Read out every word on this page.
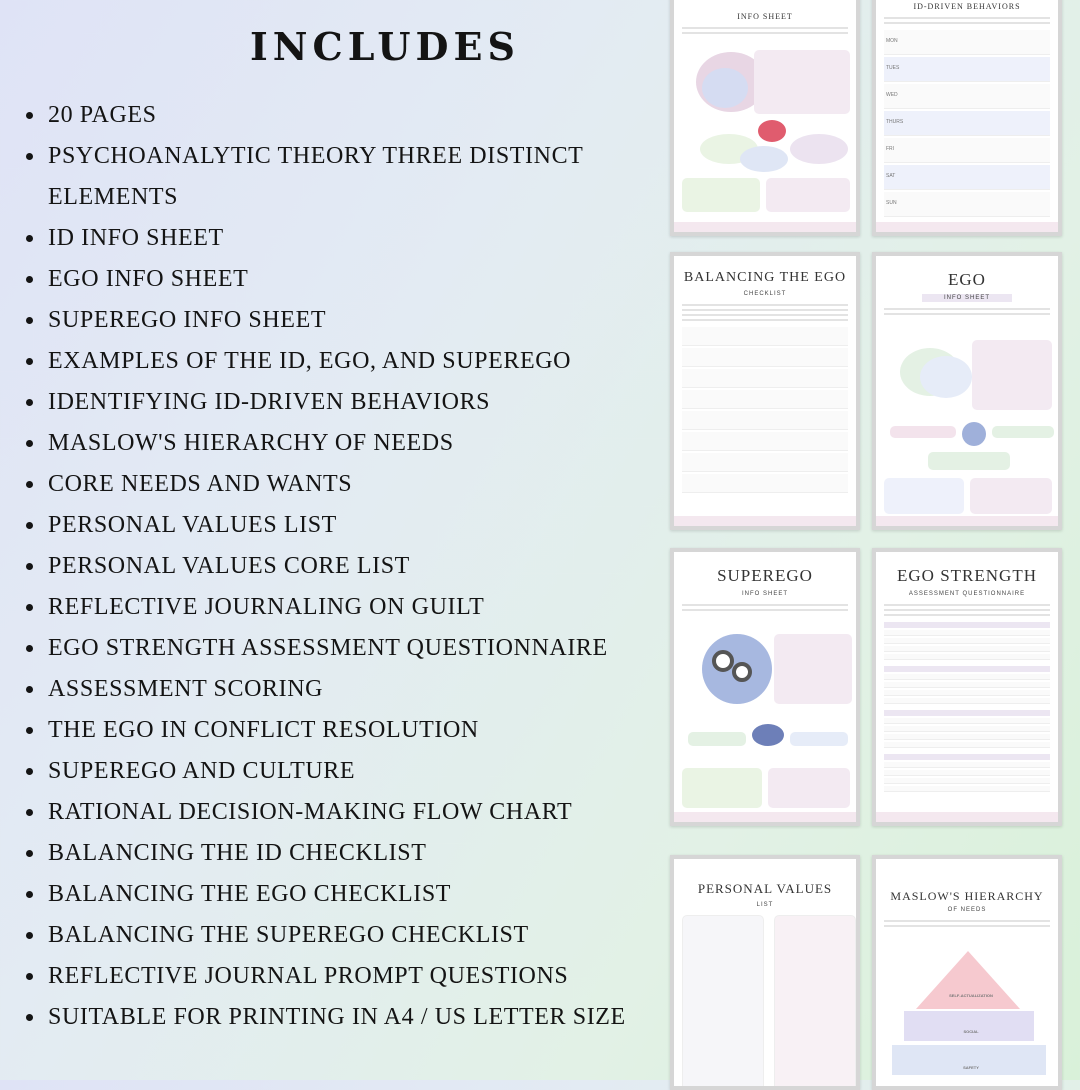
INCLUDES
20 PAGES
PSYCHOANALYTIC THEORY THREE DISTINCT
ELEMENTS
ID INFO SHEET
EGO INFO SHEET
SUPEREGO INFO SHEET
EXAMPLES OF THE ID, EGO, AND SUPEREGO
IDENTIFYING ID-DRIVEN BEHAVIORS
MASLOW'S HIERARCHY OF NEEDS
CORE NEEDS AND WANTS
PERSONAL VALUES LIST
PERSONAL VALUES CORE LIST
REFLECTIVE JOURNALING ON GUILT
EGO STRENGTH ASSESSMENT QUESTIONNAIRE
ASSESSMENT SCORING
THE EGO IN CONFLICT RESOLUTION
SUPEREGO AND CULTURE
RATIONAL DECISION-MAKING FLOW CHART
BALANCING THE ID CHECKLIST
BALANCING THE EGO CHECKLIST
BALANCING THE SUPEREGO CHECKLIST
REFLECTIVE JOURNAL PROMPT QUESTIONS
SUITABLE FOR PRINTING IN A4 / US LETTER SIZE
INFO SHEET
ID-DRIVEN BEHAVIORS
MON
TUES
WED
THURS
FRI
SAT
SUN
BALANCING THE EGO
CHECKLIST
EGO
INFO SHEET
SUPEREGO
INFO SHEET
EGO STRENGTH
ASSESSMENT QUESTIONNAIRE
PERSONAL VALUES
LIST
MASLOW'S HIERARCHY
OF NEEDS
SELF-ACTUALIZATION
SOCIAL
SAFETY
